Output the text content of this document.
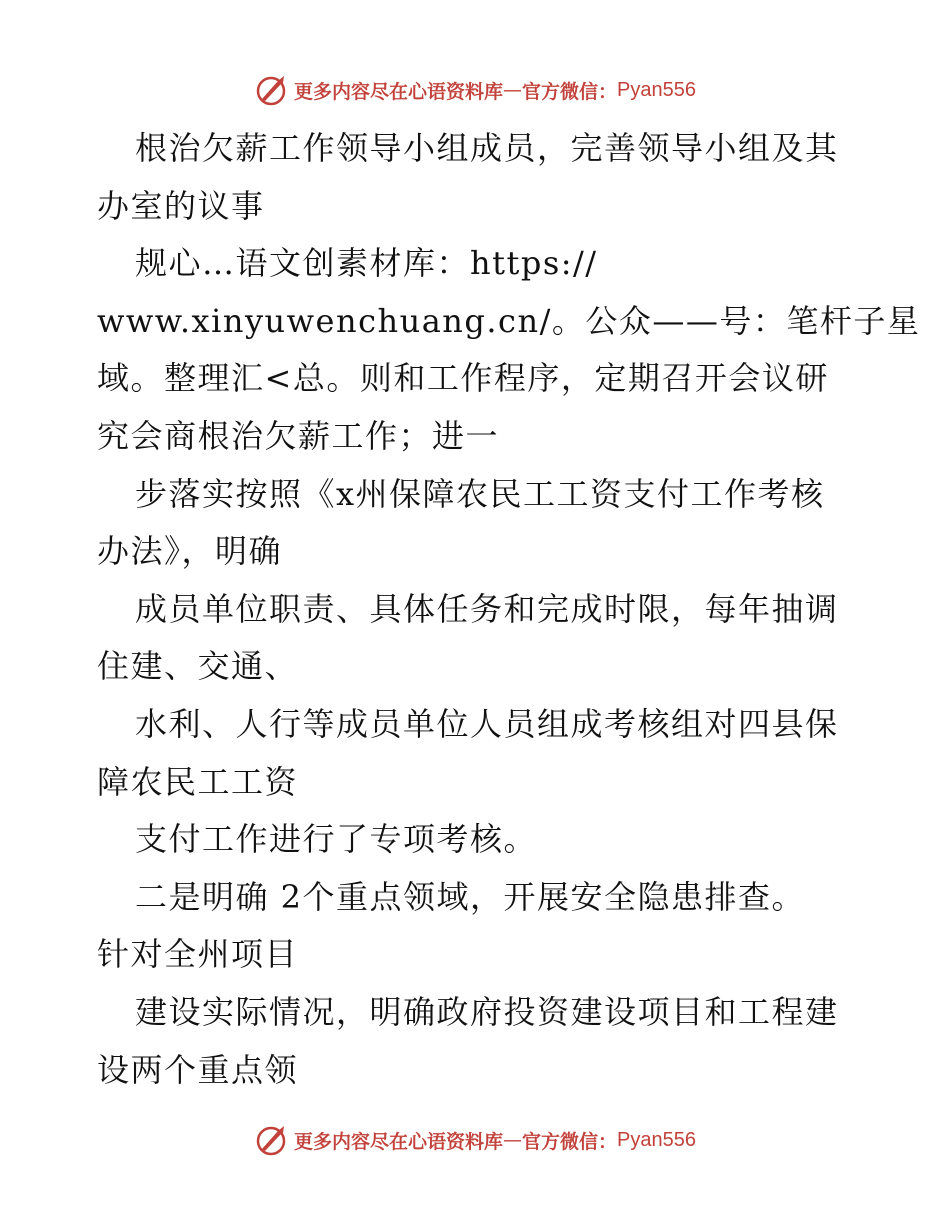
更多内容尽在心语资料库 — 官方微信： Pyan556
根治欠薪工作领导小组成员，完善领导小组及其
办室的议事
规心…语文创素材库：https://
www.xinyuwenchuang.cn/。公众——号：笔杆子星
域。整理汇<总。则和工作程序，定期召开会议研
究会商根治欠薪工作；进一
步落实按照《x州保障农民工工资支付工作考核
办法》，明确
成员单位职责、具体任务和完成时限，每年抽调
住建、交通、
水利、人行等成员单位人员组成考核组对四县保
障农民工工资
支付工作进行了专项考核。
二是明确 2个重点领域，开展安全隐患排查。
针对全州项目
建设实际情况，明确政府投资建设项目和工程建
设两个重点领
更多内容尽在心语资料库 — 官方微信： Pyan556
